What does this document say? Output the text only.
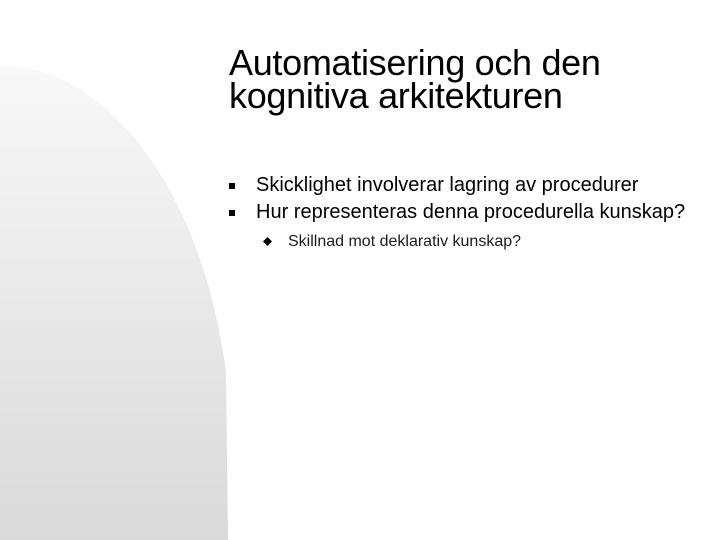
Automatisering och den
kognitiva arkitekturen
Skicklighet involverar lagring av procedurer
Hur representeras denna procedurella kunskap?
Skillnad mot deklarativ kunskap?
